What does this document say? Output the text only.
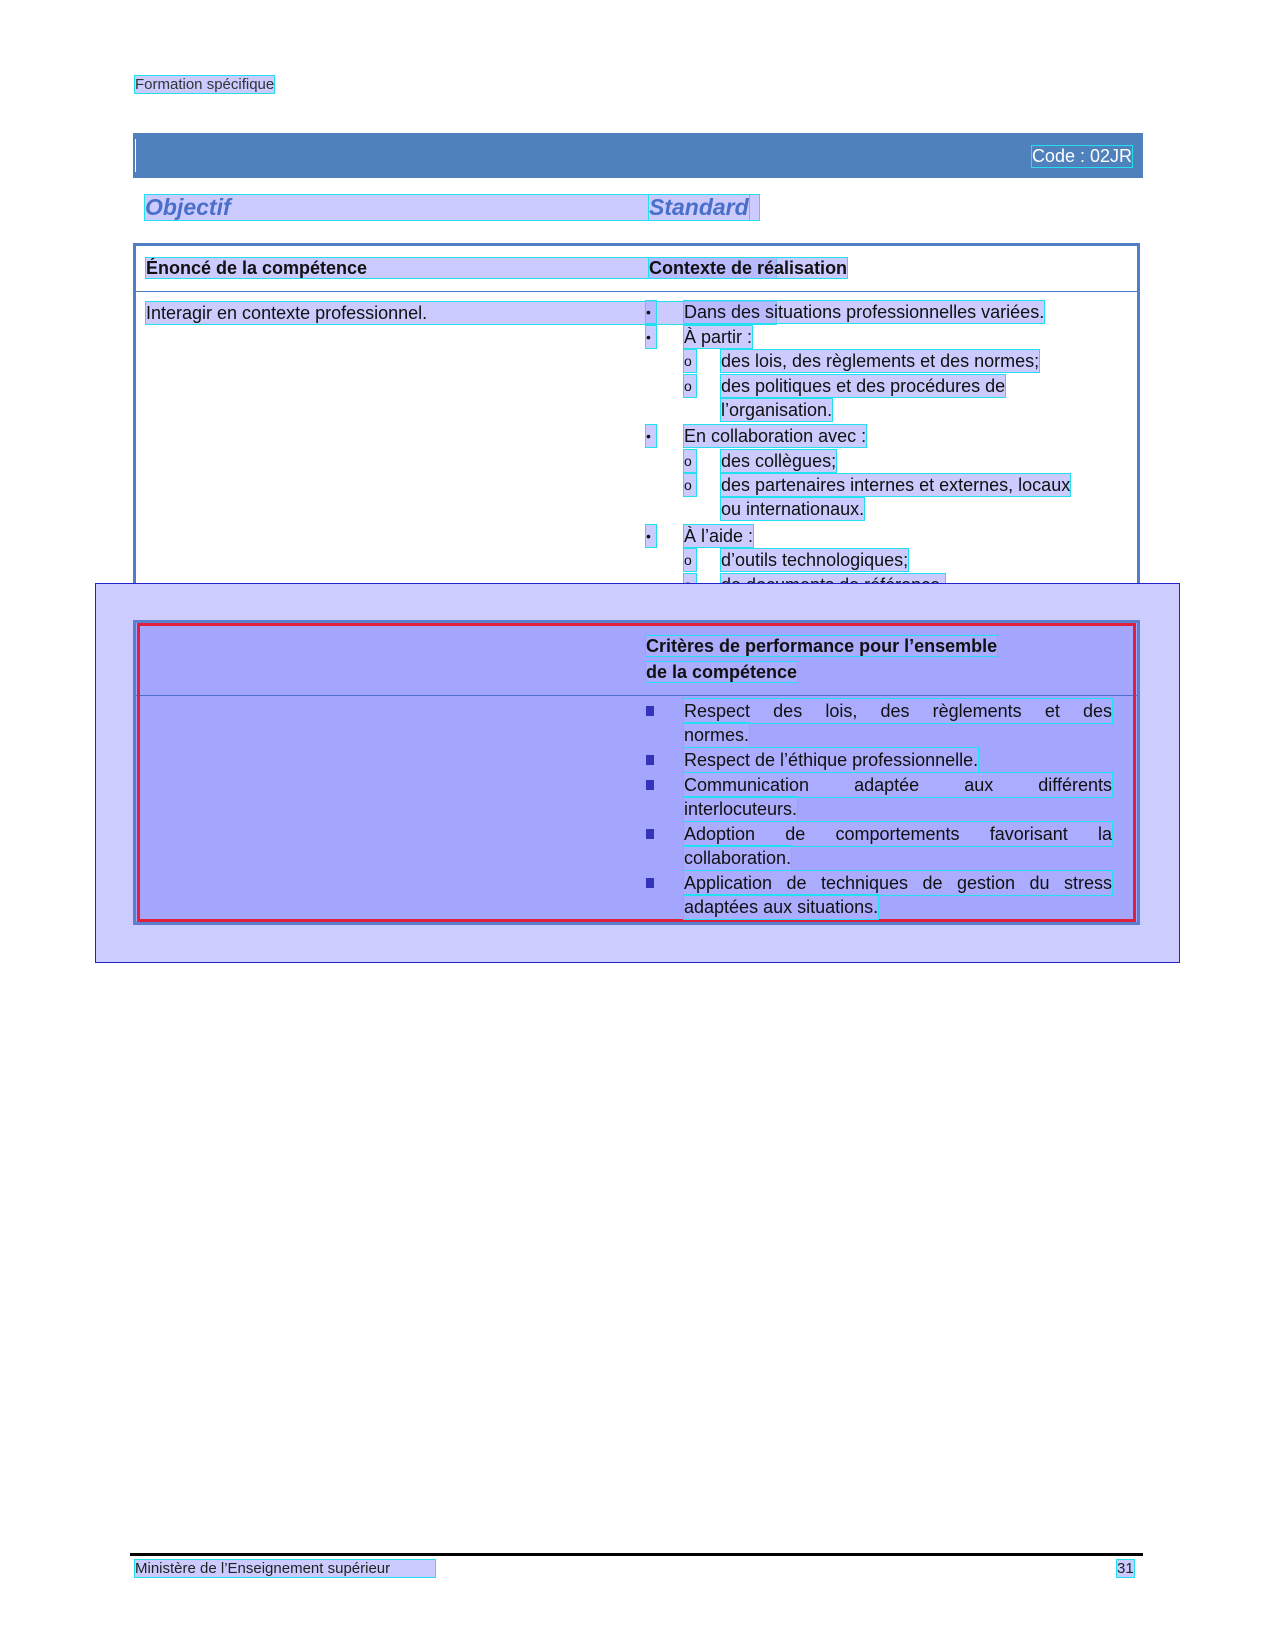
Formation spécifique
Code : 02JR
Objectif	Standard
Énoncé de la compétence	Contexte de réalisation
Interagir en contexte professionnel.	• Dans des situations professionnelles variées.
• À partir :
o des lois, des règlements et des normes;
o des politiques et des procédures de
l’organisation.
• En collaboration avec :
o des collègues;
o des partenaires internes et externes, locaux
ou internationaux.
• À l’aide :
o d’outils technologiques;
Critères de performance pour l’ensemble
de la compétence
Respect des lois, des règlements et des
normes.
Respect de l’éthique professionnelle.
Communication adaptée aux différents
interlocuteurs.
Adoption de comportements favorisant la
collaboration.
Application de techniques de gestion du stress
adaptées aux situations.
Ministère de l’Enseignement supérieur	31
